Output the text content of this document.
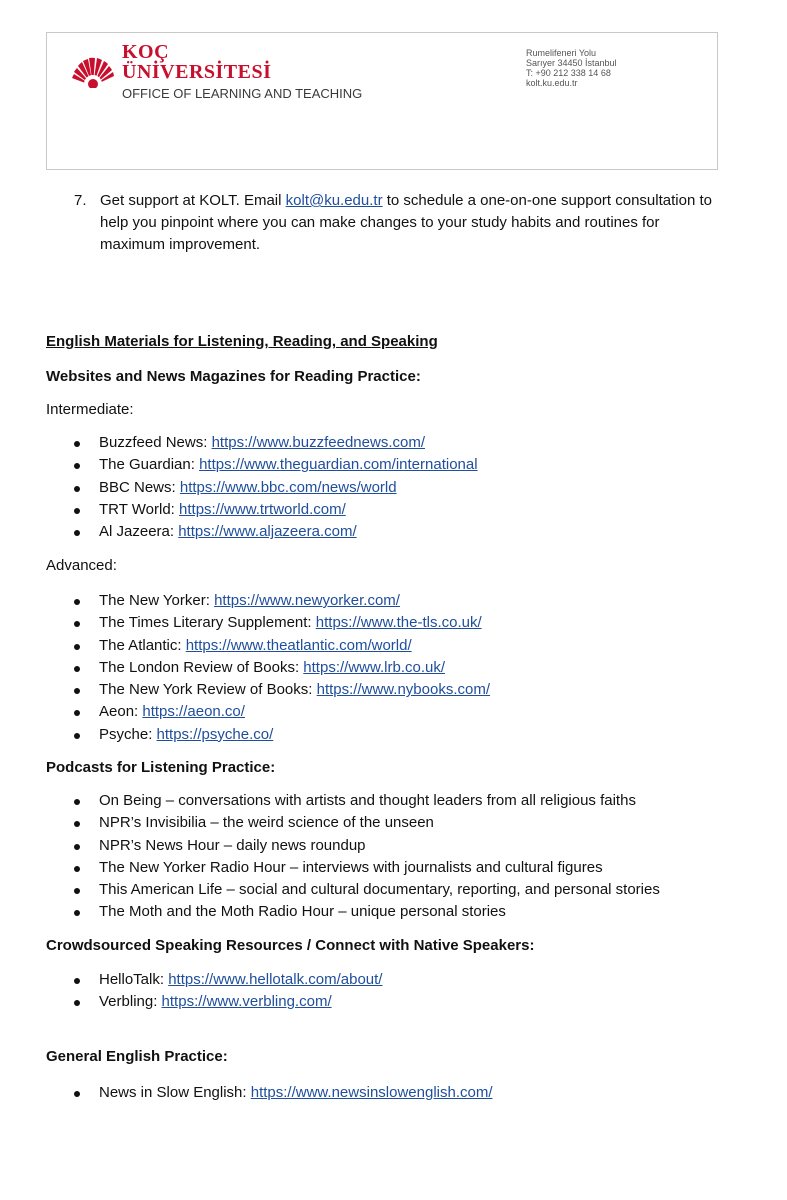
KOÇ
ÜNİVERSİTESİ
OFFICE OF LEARNING AND TEACHING
Rumelifeneri Yolu
Sarıyer 34450 İstanbul
T: +90 212 338 14 68
kolt.ku.edu.tr
7. Get support at KOLT. Email kolt@ku.edu.tr to schedule a one-on-one support consultation to help you pinpoint where you can make changes to your study habits and routines for maximum improvement.
English Materials for Listening, Reading, and Speaking
Websites and News Magazines for Reading Practice:
Intermediate:
Buzzfeed News: https://www.buzzfeednews.com/
The Guardian: https://www.theguardian.com/international
BBC News: https://www.bbc.com/news/world
TRT World: https://www.trtworld.com/
Al Jazeera: https://www.aljazeera.com/
Advanced:
The New Yorker: https://www.newyorker.com/
The Times Literary Supplement: https://www.the-tls.co.uk/
The Atlantic: https://www.theatlantic.com/world/
The London Review of Books: https://www.lrb.co.uk/
The New York Review of Books: https://www.nybooks.com/
Aeon: https://aeon.co/
Psyche: https://psyche.co/
Podcasts for Listening Practice:
On Being – conversations with artists and thought leaders from all religious faiths
NPR’s Invisibilia – the weird science of the unseen
NPR’s News Hour – daily news roundup
The New Yorker Radio Hour – interviews with journalists and cultural figures
This American Life – social and cultural documentary, reporting, and personal stories
The Moth and the Moth Radio Hour – unique personal stories
Crowdsourced Speaking Resources / Connect with Native Speakers:
HelloTalk: https://www.hellotalk.com/about/
Verbling: https://www.verbling.com/
General English Practice:
News in Slow English: https://www.newsinslowenglish.com/
